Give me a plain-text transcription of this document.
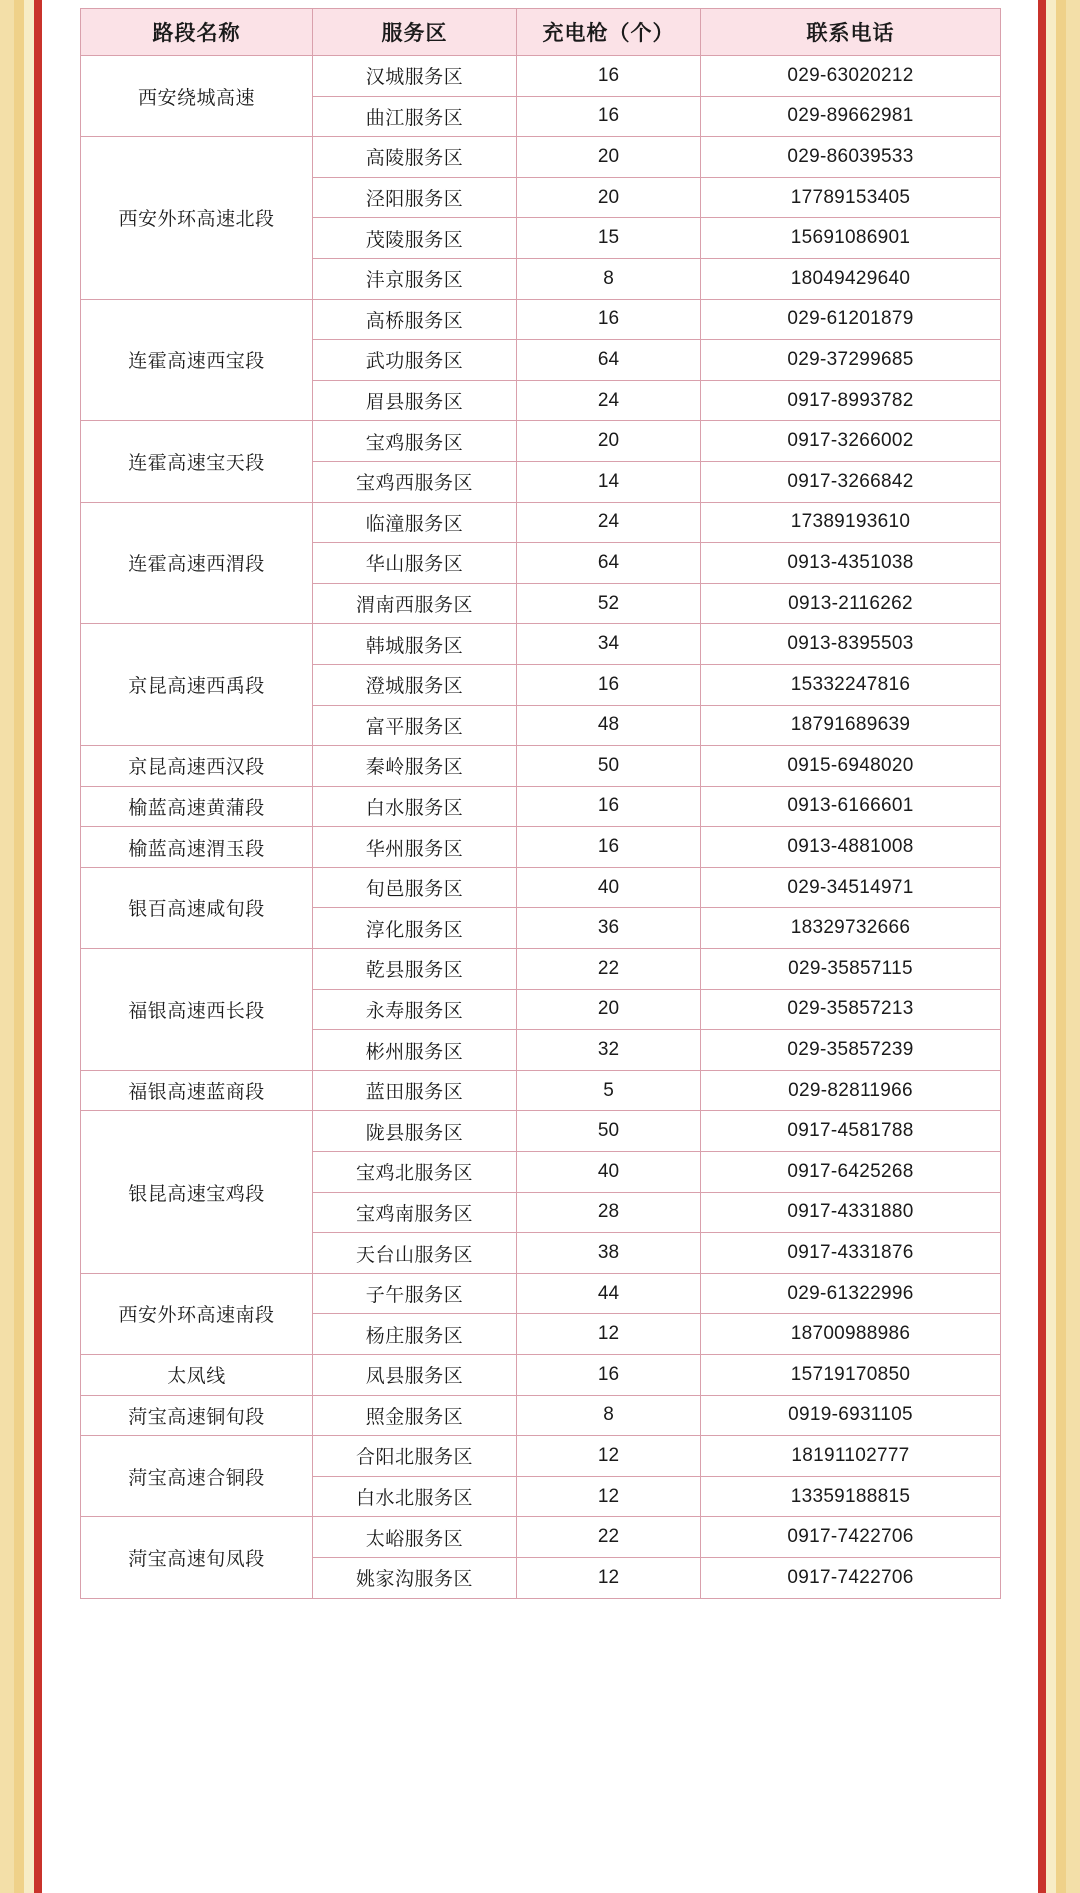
路段名称	服务区	充电枪（个）	联系电话
西安绕城高速	汉城服务区	16	029-63020212
	曲江服务区	16	029-89662981
西安外环高速北段	高陵服务区	20	029-86039533
	泾阳服务区	20	17789153405
	茂陵服务区	15	15691086901
	沣京服务区	8	18049429640
连霍高速西宝段	高桥服务区	16	029-61201879
	武功服务区	64	029-37299685
	眉县服务区	24	0917-8993782
连霍高速宝天段	宝鸡服务区	20	0917-3266002
	宝鸡西服务区	14	0917-3266842
连霍高速西渭段	临潼服务区	24	17389193610
	华山服务区	64	0913-4351038
	渭南西服务区	52	0913-2116262
京昆高速西禹段	韩城服务区	34	0913-8395503
	澄城服务区	16	15332247816
	富平服务区	48	18791689639
京昆高速西汉段	秦岭服务区	50	0915-6948020
榆蓝高速黄蒲段	白水服务区	16	0913-6166601
榆蓝高速渭玉段	华州服务区	16	0913-4881008
银百高速咸旬段	旬邑服务区	40	029-34514971
	淳化服务区	36	18329732666
福银高速西长段	乾县服务区	22	029-35857115
	永寿服务区	20	029-35857213
	彬州服务区	32	029-35857239
福银高速蓝商段	蓝田服务区	5	029-82811966
银昆高速宝鸡段	陇县服务区	50	0917-4581788
	宝鸡北服务区	40	0917-6425268
	宝鸡南服务区	28	0917-4331880
	天台山服务区	38	0917-4331876
西安外环高速南段	子午服务区	44	029-61322996
	杨庄服务区	12	18700988986
太凤线	凤县服务区	16	15719170850
菏宝高速铜旬段	照金服务区	8	0919-6931105
菏宝高速合铜段	合阳北服务区	12	18191102777
	白水北服务区	12	13359188815
菏宝高速旬凤段	太峪服务区	22	0917-7422706
	姚家沟服务区	12	0917-7422706
